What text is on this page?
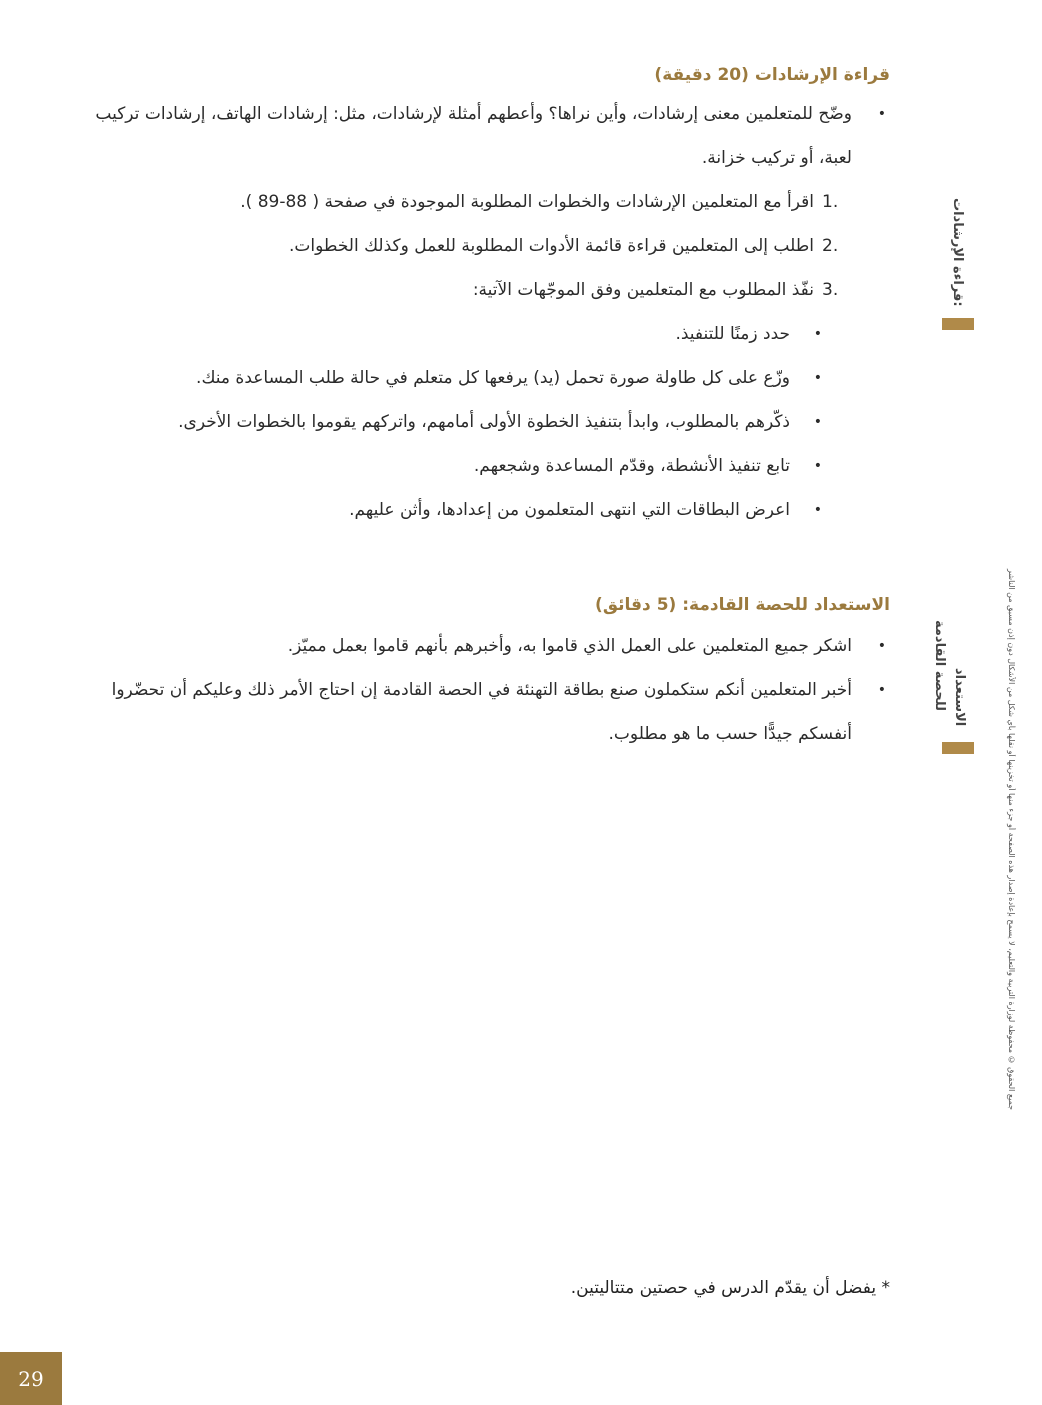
قراءة الإرشادات (20 دقيقة)
•
وضّح للمتعلمين معنى إرشادات، وأين نراها؟ وأعطهم أمثلة لإرشادات، مثل: إرشادات الهاتف، إرشادات تركيب لعبة، أو تركيب خزانة.
.1
اقرأ مع المتعلمين الإرشادات والخطوات المطلوبة الموجودة في صفحة ( 88-89 ).
.2
اطلب إلى المتعلمين قراءة قائمة الأدوات المطلوبة للعمل وكذلك الخطوات.
.3
نفّذ المطلوب مع المتعلمين وفق الموجّهات الآتية:
•
حدد زمنًا للتنفيذ.
•
وزّع على كل طاولة صورة تحمل (يد) يرفعها كل متعلم في حالة طلب المساعدة منك.
•
ذكّرهم بالمطلوب، وابدأ بتنفيذ الخطوة الأولى أمامهم، واتركهم يقوموا بالخطوات الأخرى.
•
تابع تنفيذ الأنشطة، وقدّم المساعدة وشجعهم.
•
اعرض البطاقات التي انتهى المتعلمون من إعدادها، وأثن عليهم.
الاستعداد للحصة القادمة: (5 دقائق)
•
اشكر جميع المتعلمين على العمل الذي قاموا به، وأخبرهم بأنهم قاموا بعمل مميّز.
•
أخبر المتعلمين أنكم ستكملون صنع بطاقة التهنئة في الحصة القادمة إن احتاج الأمر ذلك وعليكم أن تحضّروا أنفسكم جيدًّا حسب ما هو مطلوب.
قراءة الإرشادات:
الاستعداد
للحصة القادمة	جميع الحقوق © محفوظة لوزارة التربية والتعليم، لا يسمح بإعادة إصدار هذه الصفحة أو جزء منها أو تخزينها أو نقلها بأي شكل من الأشكال دون إذن مسبق من الناشر
* يفضل أن يقدّم الدرس في حصتين متتاليتين.
29
